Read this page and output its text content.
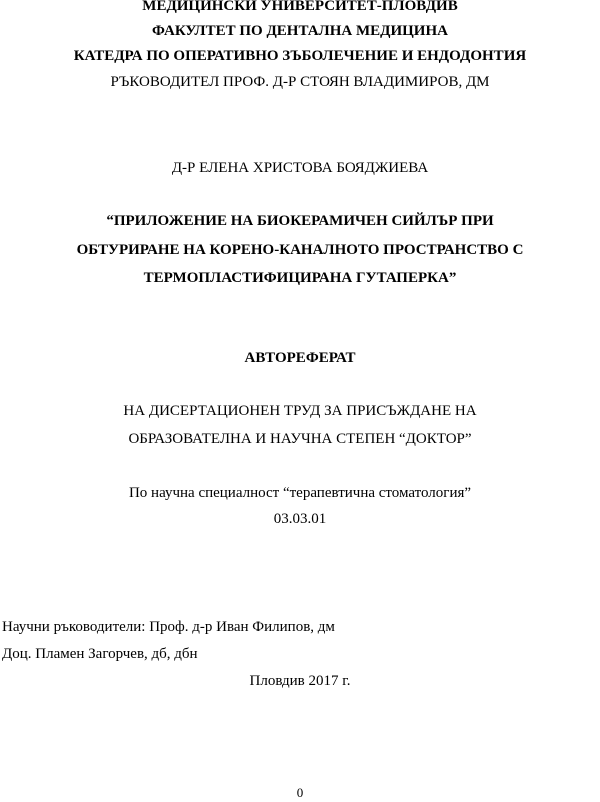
МЕДИЦИНСКИ УНИВЕРСИТЕТ-ПЛОВДИВ
ФАКУЛТЕТ ПО ДЕНТАЛНА МЕДИЦИНА
КАТЕДРА ПО ОПЕРАТИВНО ЗЪБОЛЕЧЕНИЕ И ЕНДОДОНТИЯ
РЪКОВОДИТЕЛ ПРОФ. Д-Р СТОЯН ВЛАДИМИРОВ, ДМ
Д-Р ЕЛЕНА ХРИСТОВА БОЯДЖИЕВА
“ПРИЛОЖЕНИЕ НА БИОКЕРАМИЧЕН СИЙЛЪР ПРИ
ОБТУРИРАНЕ НА КОРЕНО-КАНАЛНОТО ПРОСТРАНСТВО С
ТЕРМОПЛАСТИФИЦИРАНА ГУТАПЕРКА”
АВТОРЕФЕРАТ
НА ДИСЕРТАЦИОНЕН ТРУД ЗА ПРИСЪЖДАНЕ НА
ОБРАЗОВАТЕЛНА И НАУЧНА СТЕПЕН “ДОКТОР”
По научна специалност “терапевтична стоматология”
03.03.01
Научни ръководители: Проф. д-р Иван Филипов, дм
Доц. Пламен Загорчев, дб, дбн
Пловдив 2017 г.
0
